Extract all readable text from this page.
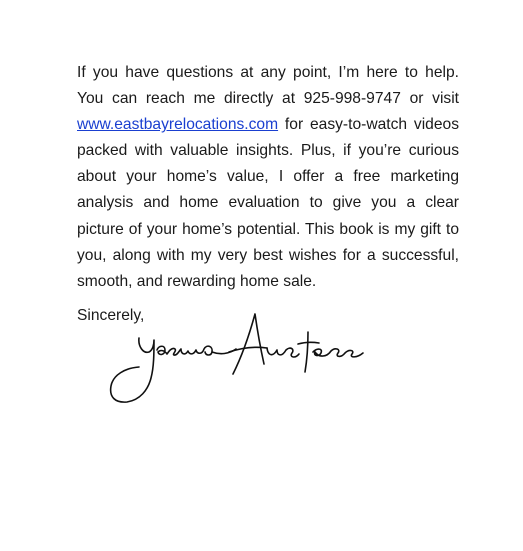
If you have questions at any point, I’m here to help. You can reach me directly at 925-998-9747 or visit www.eastbayrelocations.com for easy-to-watch videos packed with valuable insights. Plus, if you’re curious about your home’s value, I offer a free marketing analysis and home evaluation to give you a clear picture of your home’s potential. This book is my gift to you, along with my very best wishes for a successful, smooth, and rewarding home sale.

Sincerely,
